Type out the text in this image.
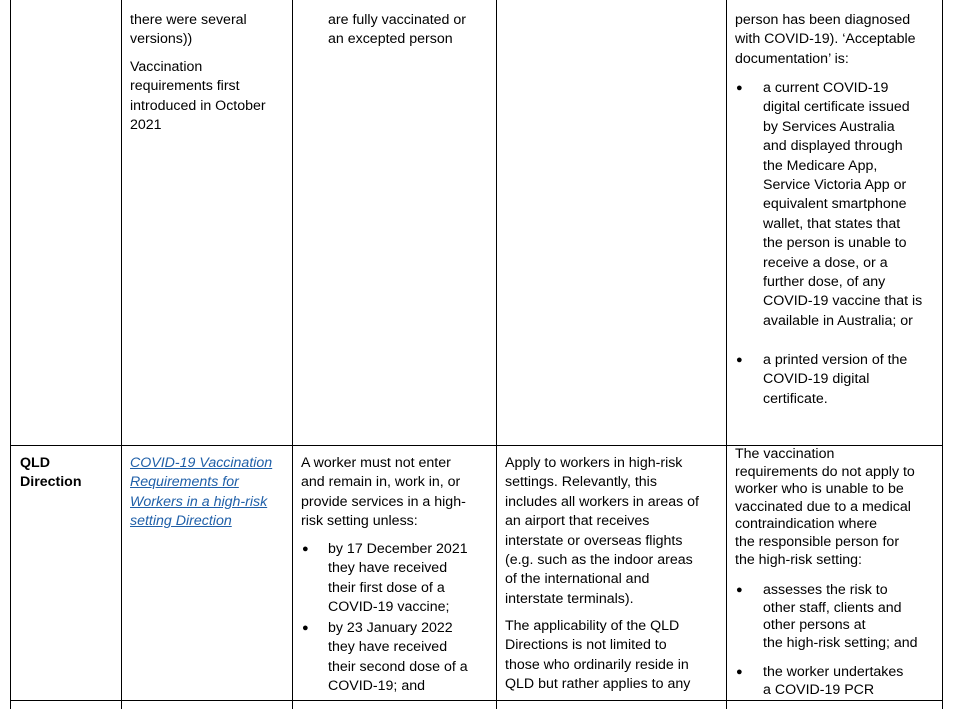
there were several
versions))
Vaccination
requirements first
introduced in October
2021
are fully vaccinated or
an excepted person
person has been diagnosed
with COVID-19). ‘Acceptable
documentation’ is:
● a current COVID-19
digital certificate issued
by Services Australia
and displayed through
the Medicare App,
Service Victoria App or
equivalent smartphone
wallet, that states that
the person is unable to
receive a dose, or a
further dose, of any
COVID-19 vaccine that is
available in Australia; or
● a printed version of the
COVID-19 digital
certificate.
QLD
Direction
COVID-19 Vaccination
Requirements for
Workers in a high-risk
setting Direction
A worker must not enter
and remain in, work in, or
provide services in a high-
risk setting unless:
● by 17 December 2021
they have received
their first dose of a
COVID-19 vaccine;
● by 23 January 2022
they have received
their second dose of a
COVID-19; and
Apply to workers in high-risk
settings. Relevantly, this
includes all workers in areas of
an airport that receives
interstate or overseas flights
(e.g. such as the indoor areas
of the international and
interstate terminals).
The applicability of the QLD
Directions is not limited to
those who ordinarily reside in
QLD but rather applies to any
The vaccination
requirements do not apply to
worker who is unable to be
vaccinated due to a medical
contraindication where
the responsible person for
the high-risk setting:
● assesses the risk to
other staff, clients and
other persons at
the high-risk setting; and
● the worker undertakes
a COVID-19 PCR
